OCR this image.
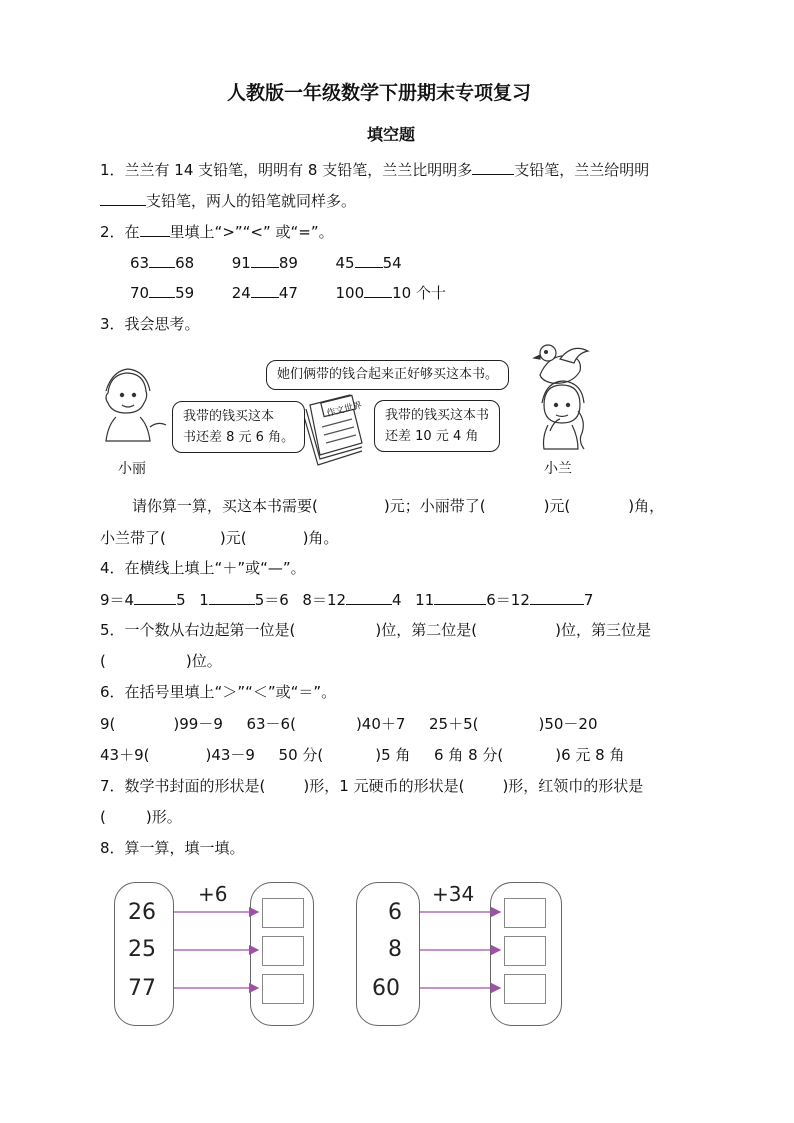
人教版一年级数学下册期末专项复习
填空题
1．兰兰有 14 支铅笔，明明有 8 支铅笔，兰兰比明明多	支铅笔，兰兰给明明
支铅笔，两人的铅笔就同样多。
2．在 里填上“>”“<” 或“=”。
63 68	91 89	45 54
70 59	24 47	100 10 个十
3．我会思考。
她们俩带的钱合起来正好够买这本书。
我带的钱买这本
书还差 8 元 6 角。
我带的钱买这本书
还差 10 元 4 角
作文世界
小丽	小兰
请你算一算，买这本书需要(	)元；小丽带了(	)元(	)角，
小兰带了(	)元(	)角。
4．在横线上填上“＋”或“—”。
9＝4	5 1	5＝6 8＝12	4 11	6＝12	7
5．一个数从右边起第一位是(	)位，第二位是(	)位，第三位是
(	)位。
6．在括号里填上“＞”“＜”或“＝”。
9(	)99－9 63－6(	)40＋7 25＋5(	)50－20
43＋9(	)43－9 50 分(	)5 角 6 角 8 分(	)6 元 8 角
7．数学书封面的形状是(	)形，1 元硬币的形状是(	)形，红领巾的形状是
(	)形。
8．算一算，填一填。
+6
26
25
77
+34
6
8
60
